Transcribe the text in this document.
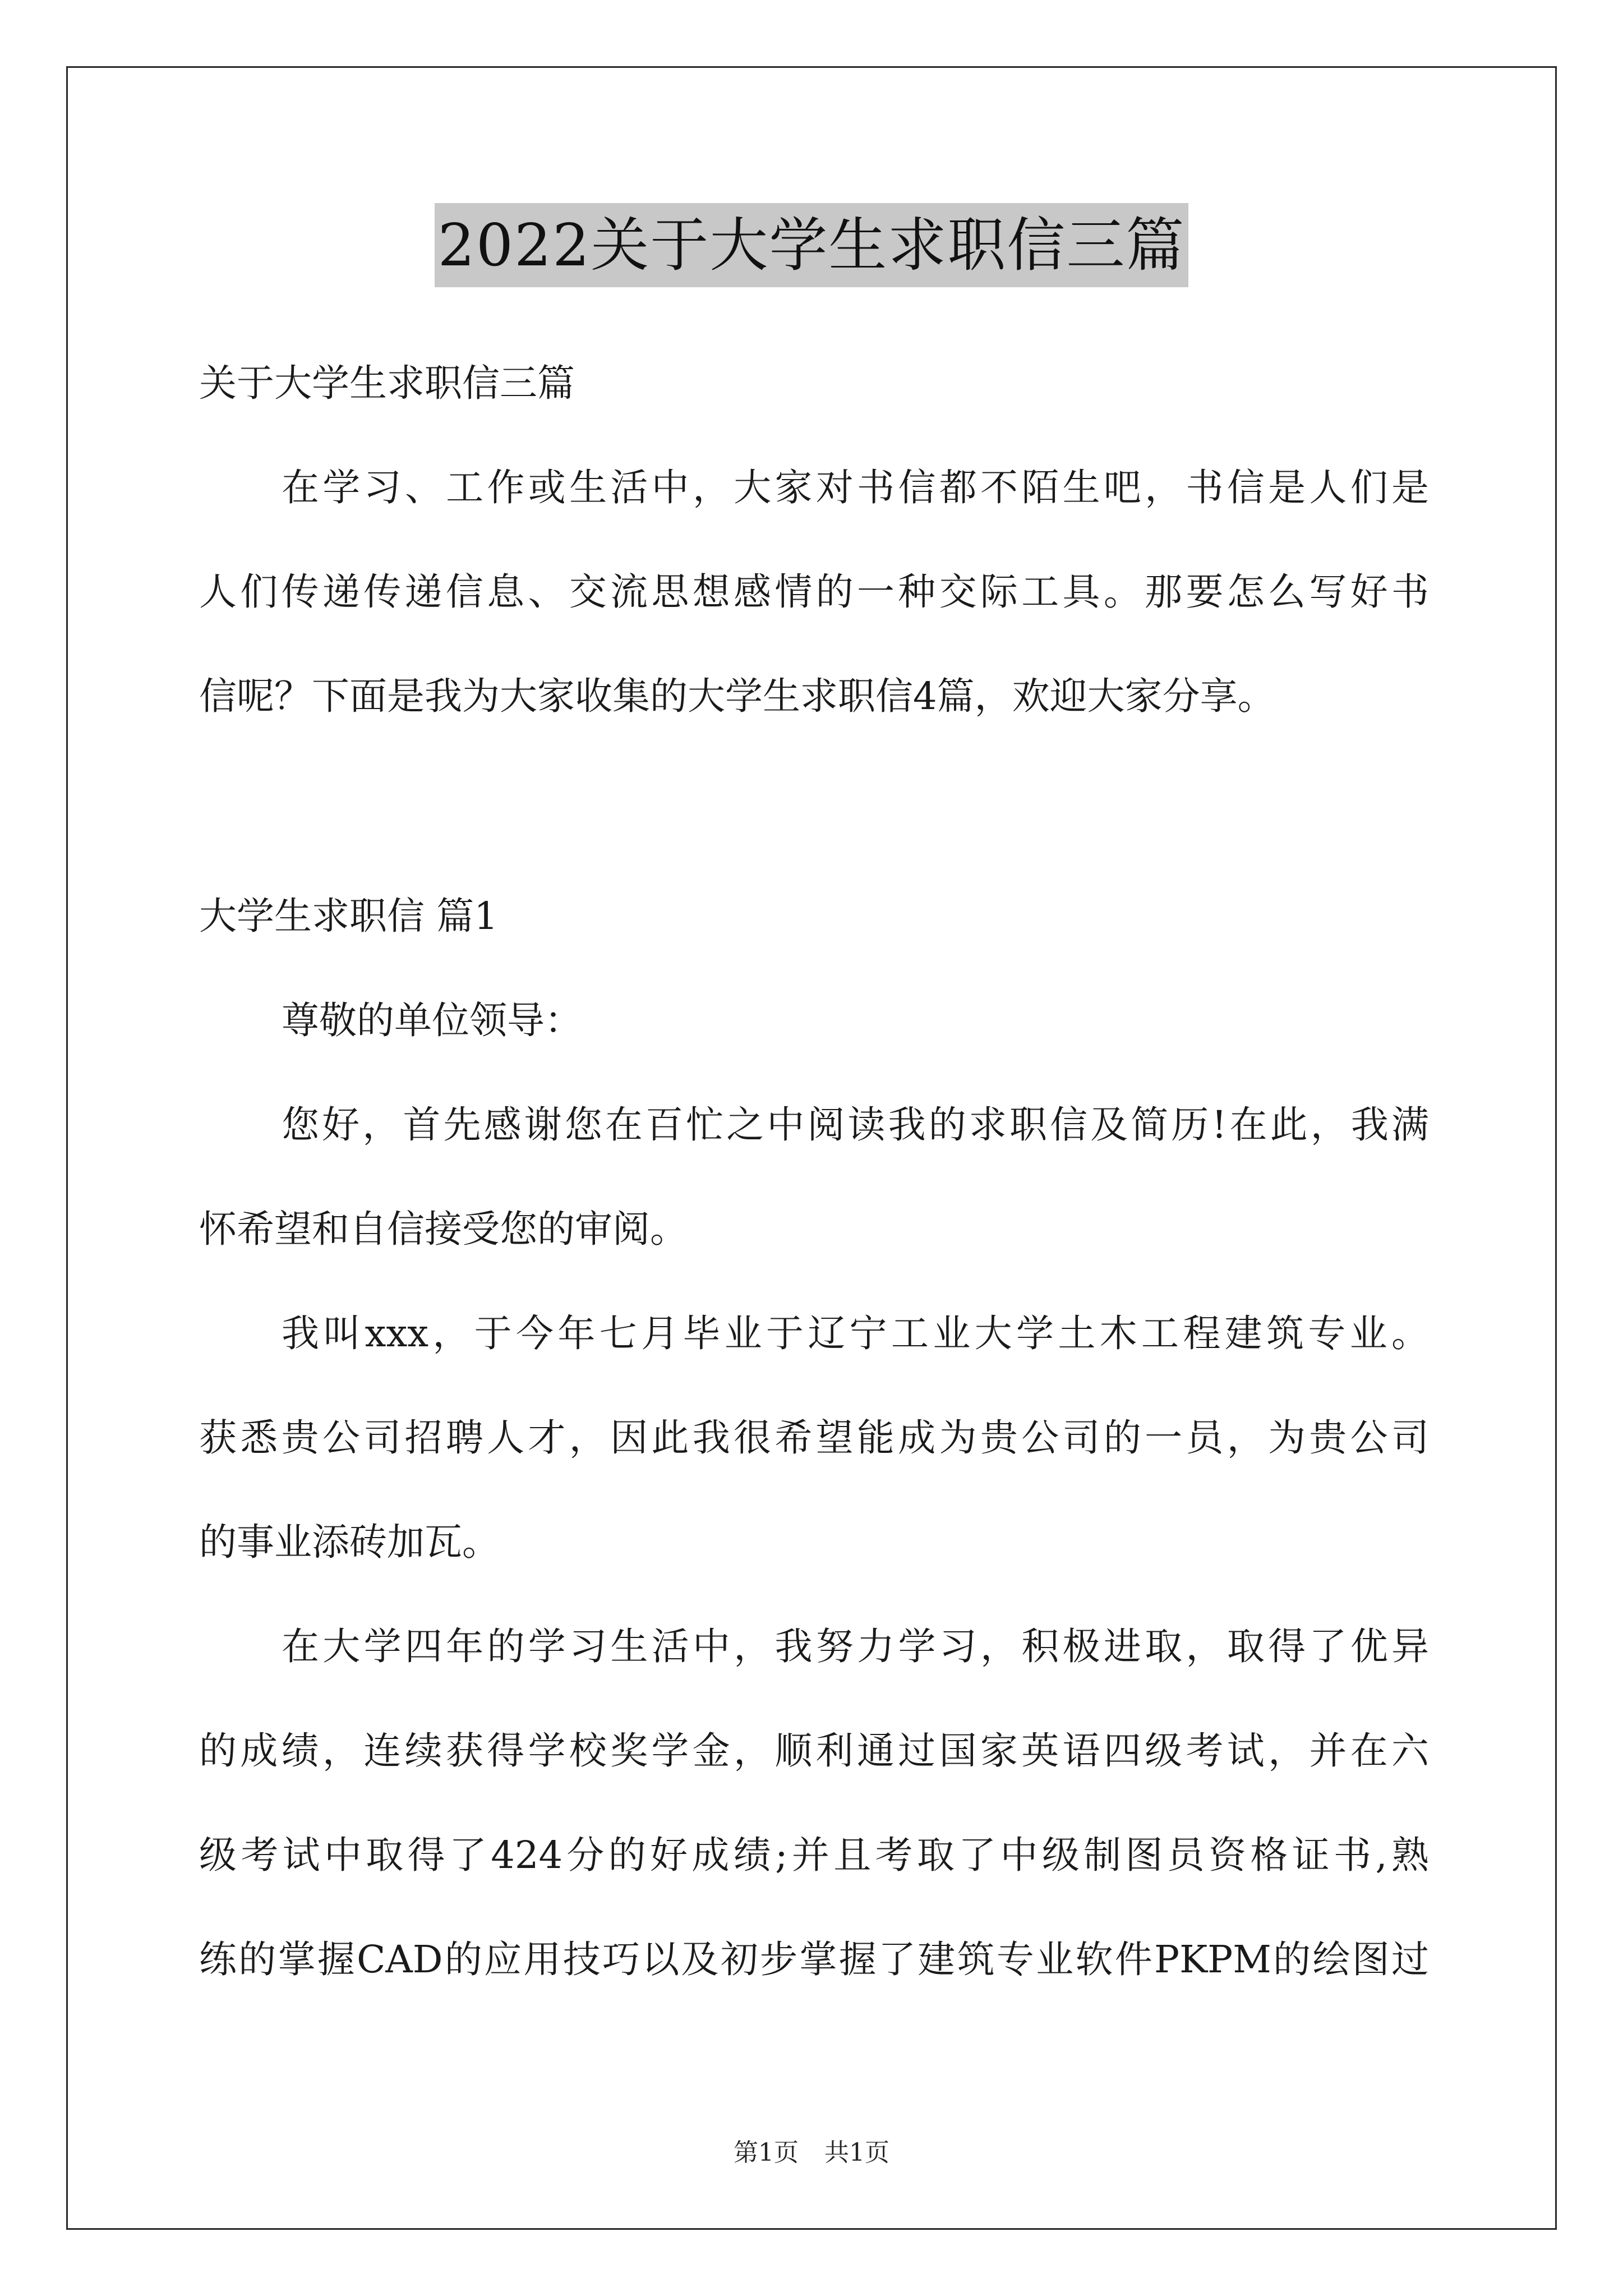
2022关于大学生求职信三篇
关于大学生求职信三篇
在学习、工作或生活中，大家对书信都不陌生吧，书信是人们是
人们传递传递信息、交流思想感情的一种交际工具。那要怎么写好书
信呢？下面是我为大家收集的大学生求职信4篇，欢迎大家分享。
大学生求职信 篇1
尊敬的单位领导：
您好，首先感谢您在百忙之中阅读我的求职信及简历!在此，我满
怀希望和自信接受您的审阅。
我叫xxx，于今年七月毕业于辽宁工业大学土木工程建筑专业。
获悉贵公司招聘人才，因此我很希望能成为贵公司的一员，为贵公司
的事业添砖加瓦。
在大学四年的学习生活中，我努力学习，积极进取，取得了优异
的成绩，连续获得学校奖学金，顺利通过国家英语四级考试，并在六
级考试中取得了424分的好成绩;并且考取了中级制图员资格证书,熟
练的掌握CAD的应用技巧以及初步掌握了建筑专业软件PKPM的绘图过
第1页 共1页
